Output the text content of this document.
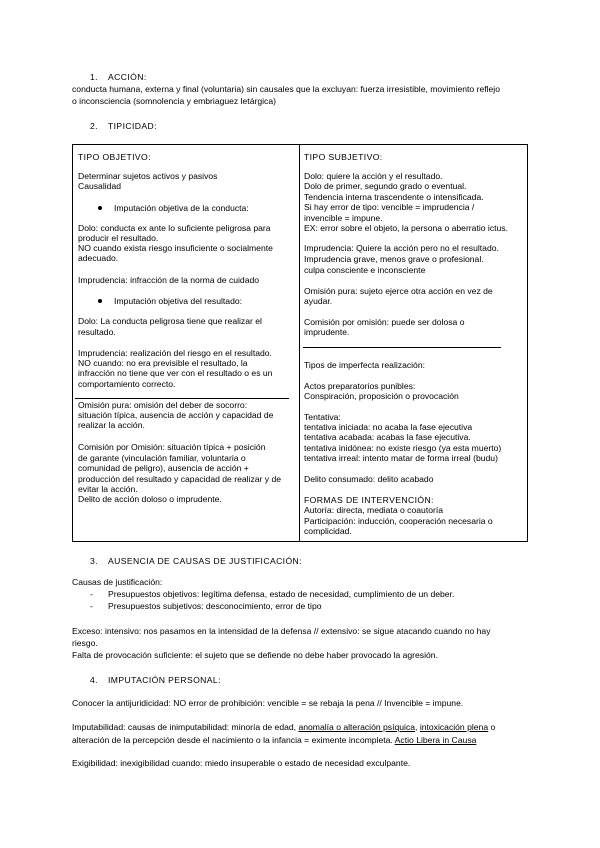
1. ACCIÓN:
conducta humana, externa y final (voluntaria) sin causales que la excluyan: fuerza irresistible, movimiento reflejo
o inconsciencia (somnolencia y embriaguez letárgica)
2. TIPICIDAD:
TIPO OBJETIVO:
Determinar sujetos activos y pasivos
Causalidad
Imputación objetiva de la conducta:
Dolo: conducta ex ante lo suficiente peligrosa para
producir el resultado.
NO cuando exista riesgo insuficiente o socialmente
adecuado.
Imprudencia: infracción de la norma de cuidado
Imputación objetiva del resultado:
Dolo: La conducta peligrosa tiene que realizar el
resultado.
Imprudencia: realización del riesgo en el resultado.
NO cuando: no era previsible el resultado, la
infracción no tiene que ver con el resultado o es un
comportamiento correcto.
Omisión pura: omisión del deber de socorro:
situación típica, ausencia de acción y capacidad de
realizar la acción.
Comisión por Omisión: situación típica + posición
de garante (vinculación familiar, voluntaria o
comunidad de peligro), ausencia de acción +
producción del resultado y capacidad de realizar y de
evitar la acción.
Delito de acción doloso o imprudente.
TIPO SUBJETIVO:
Dolo: quiere la acción y el resultado.
Dolo de primer, segundo grado o eventual.
Tendencia interna trascendente o intensificada.
Si hay error de tipo: vencible = imprudencia /
invencible = impune.
EX: error sobre el objeto, la persona o aberratio ictus.
Imprudencia: Quiere la acción pero no el resultado.
Imprudencia grave, menos grave o profesional.
culpa consciente e inconsciente
Omisión pura: sujeto ejerce otra acción en vez de
ayudar.
Comisión por omisión: puede ser dolosa o
imprudente.
Tipos de imperfecta realización:
Actos preparatorios punibles:
Conspiración, proposición o provocación
Tentativa:
tentativa iniciada: no acaba la fase ejecutiva
tentativa acabada: acabas la fase ejecutiva.
tentativa inidónea: no existe riesgo (ya esta muerto)
tentativa irreal: intento matar de forma irreal (budu)
Delito consumado: delito acabado
FORMAS DE INTERVENCIÓN:
Autoría: directa, mediata o coautoría
Participación: inducción, cooperación necesaria o
complicidad.
3. AUSENCIA DE CAUSAS DE JUSTIFICACIÓN:
Causas de justificación:
- Presupuestos objetivos: legítima defensa, estado de necesidad, cumplimiento de un deber.
- Presupuestos subjetivos: desconocimiento, error de tipo
Exceso: intensivo: nos pasamos en la intensidad de la defensa // extensivo: se sigue atacando cuando no hay
riesgo.
Falta de provocación suficiente: el sujeto que se defiende no debe haber provocado la agresión.
4. IMPUTACIÓN PERSONAL:
Conocer la antijuridicidad: NO error de prohibición: vencible = se rebaja la pena // Invencible = impune.
Imputabilidad: causas de inimputabilidad: minoría de edad, anomalía o alteración psíquica, intoxicación plena o
alteración de la percepción desde el nacimiento o la infancia = eximente incompleta. Actio Libera in Causa
Exigibilidad: inexigibilidad cuando: miedo insuperable o estado de necesidad exculpante.
